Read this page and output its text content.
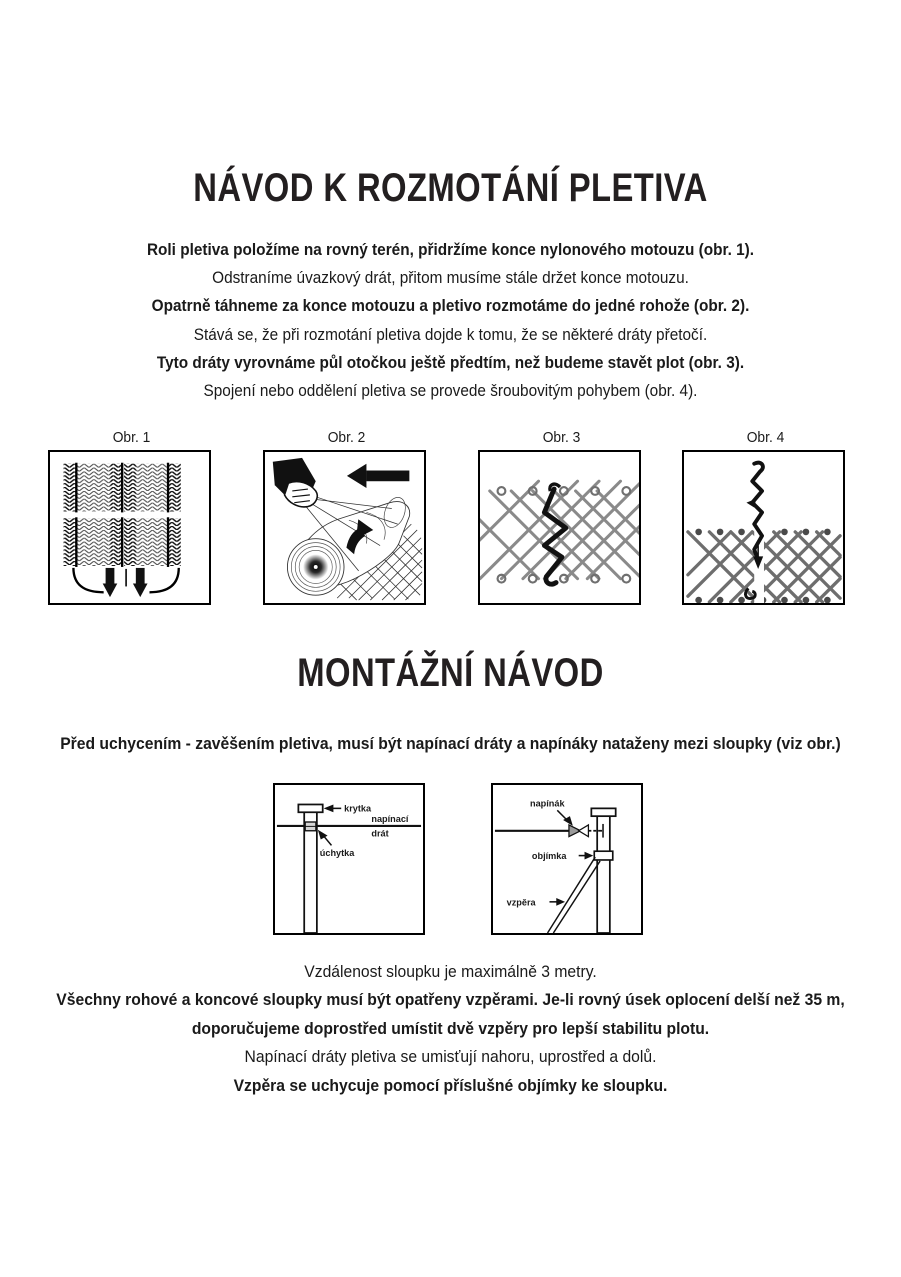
NÁVOD K ROZMOTÁNÍ PLETIVA
Roli pletiva položíme na rovný terén, přidržíme konce nylonového motouzu (obr. 1).
Odstraníme úvazkový drát, přitom musíme stále držet konce motouzu.
Opatrně táhneme za konce motouzu a pletivo rozmotáme do jedné rohože (obr. 2).
Stává se, že při rozmotání pletiva dojde k tomu, že se některé dráty přetočí.
Tyto dráty vyrovnáme půl otočkou ještě předtím, než budeme stavět plot (obr. 3).
Spojení nebo oddělení pletiva se provede šroubovitým pohybem (obr. 4).
Obr. 1	Obr. 2	Obr. 3	Obr. 4
MONTÁŽNÍ NÁVOD
Před uchycením - zavěšením pletiva, musí být napínací dráty a napínáky nataženy mezi sloupky (viz obr.)
krytka
napínací
drát
úchytka
napínák
objímka
vzpěra
Vzdálenost sloupku je maximálně 3 metry.
Všechny rohové a koncové sloupky musí být opatřeny vzpěrami. Je-li rovný úsek oplocení delší než 35 m,
doporučujeme doprostřed umístit dvě vzpěry pro lepší stabilitu plotu.
Napínací dráty pletiva se umisťují nahoru, uprostřed a dolů.
Vzpěra se uchycuje pomocí příslušné objímky ke sloupku.
